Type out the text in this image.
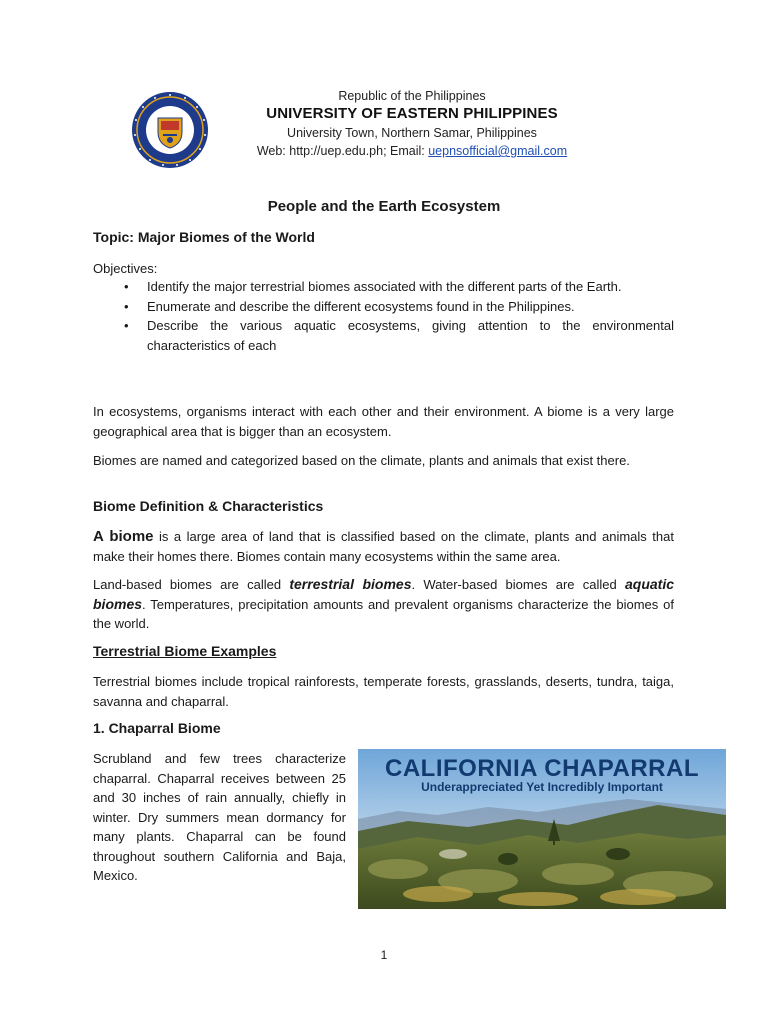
Republic of the Philippines
UNIVERSITY OF EASTERN PHILIPPINES
University Town, Northern Samar, Philippines
Web: http://uep.edu.ph; Email: uepnsofficial@gmail.com
People and the Earth Ecosystem
Topic: Major Biomes of the World
Objectives:
• Identify the major terrestrial biomes associated with the different parts of the Earth.
• Enumerate and describe the different ecosystems found in the Philippines.
• Describe the various aquatic ecosystems, giving attention to the environmental characteristics of each
In ecosystems, organisms interact with each other and their environment. A biome is a very large geographical area that is bigger than an ecosystem.
Biomes are named and categorized based on the climate, plants and animals that exist there.
Biome Definition & Characteristics
A biome is a large area of land that is classified based on the climate, plants and animals that make their homes there. Biomes contain many ecosystems within the same area.
Land-based biomes are called terrestrial biomes. Water-based biomes are called aquatic biomes. Temperatures, precipitation amounts and prevalent organisms characterize the biomes of the world.
Terrestrial Biome Examples
Terrestrial biomes include tropical rainforests, temperate forests, grasslands, deserts, tundra, taiga, savanna and chaparral.
1. Chaparral Biome
Scrubland and few trees characterize chaparral. Chaparral receives between 25 and 30 inches of rain annually, chiefly in winter. Dry summers mean dormancy for many plants. Chaparral can be found throughout southern California and Baja, Mexico.
CALIFORNIA CHAPARRAL
Underappreciated Yet Incredibly Important
1
